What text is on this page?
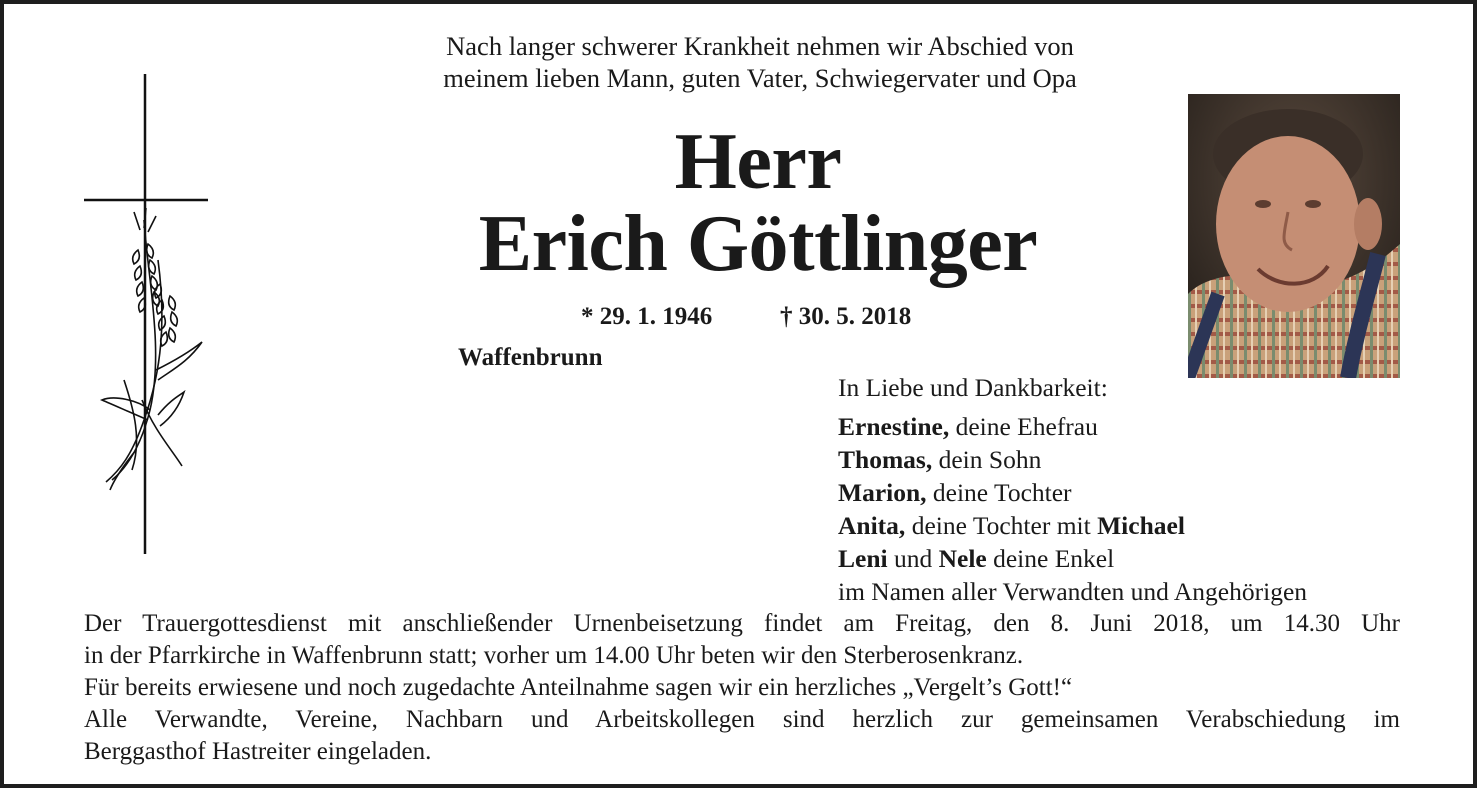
Nach langer schwerer Krankheit nehmen wir Abschied von
meinem lieben Mann, guten Vater, Schwiegervater und Opa
Herr
Erich Göttlinger
* 29. 1. 1946	† 30. 5. 2018
Waffenbrunn
In Liebe und Dankbarkeit:
Ernestine, deine Ehefrau
Thomas, dein Sohn
Marion, deine Tochter
Anita, deine Tochter mit Michael
Leni und Nele deine Enkel
im Namen aller Verwandten und Angehörigen
Der Trauergottesdienst mit anschließender Urnenbeisetzung findet am Freitag, den 8. Juni 2018, um 14.30 Uhr
in der Pfarrkirche in Waffenbrunn statt; vorher um 14.00 Uhr beten wir den Sterberosenkranz.
Für bereits erwiesene und noch zugedachte Anteilnahme sagen wir ein herzliches „Vergelt’s Gott!“
Alle Verwandte, Vereine, Nachbarn und Arbeitskollegen sind herzlich zur gemeinsamen Verabschiedung im
Berggasthof Hastreiter eingeladen.
